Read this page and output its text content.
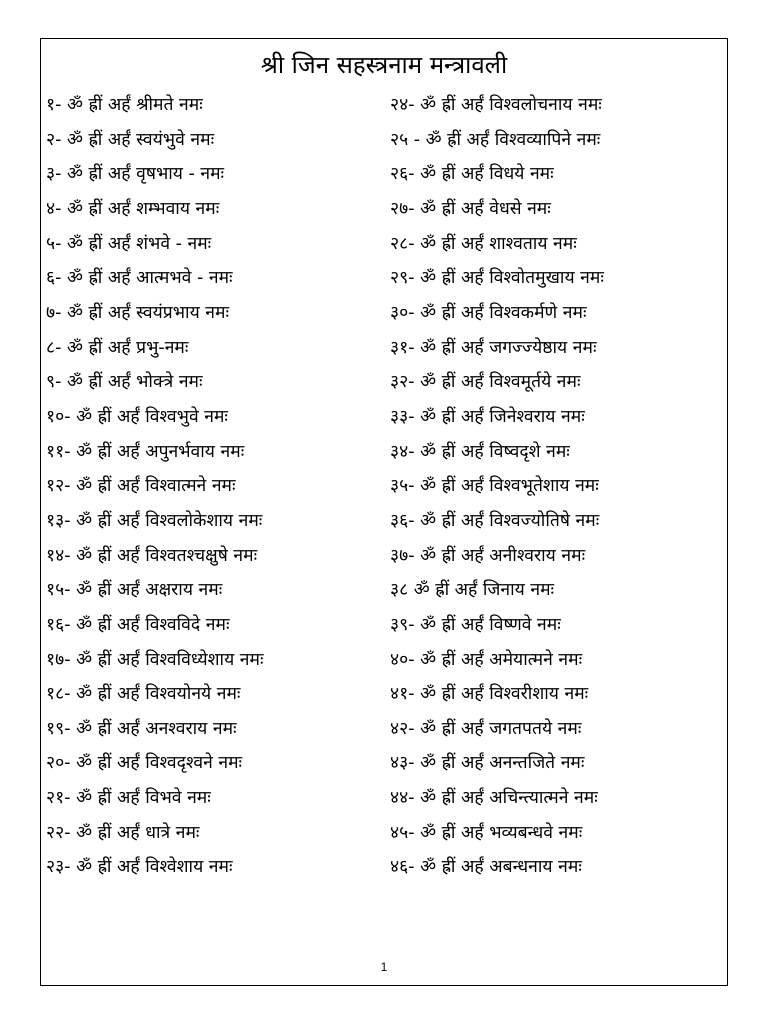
श्री जिन सहस्त्रनाम मन्त्रावली
१- ॐ ह्रीं अर्हं श्रीमते नमः
२- ॐ ह्रीं अर्हं स्वयंभुवे नमः
३- ॐ ह्रीं अर्हं वृषभाय - नमः
४- ॐ ह्रीं अर्हं शम्भवाय नमः
५- ॐ ह्रीं अर्हं शंभवे - नमः
६- ॐ ह्रीं अर्हं आत्मभवे - नमः
७- ॐ ह्रीं अर्हं स्वयंप्रभाय नमः
८- ॐ ह्रीं अर्हं प्रभु-नमः
९- ॐ ह्रीं अर्हं भोक्त्रे नमः
१०- ॐ ह्रीं अर्हं विश्वभुवे नमः
११- ॐ ह्रीं अर्हं अपुनर्भवाय नमः
१२- ॐ ह्रीं अर्हं विश्वात्मने नमः
१३- ॐ ह्रीं अर्हं विश्वलोकेशाय नमः
१४- ॐ ह्रीं अर्हं विश्वतश्चक्षुषे नमः
१५- ॐ ह्रीं अर्हं अक्षराय नमः
१६- ॐ ह्रीं अर्हं विश्वविदे नमः
१७- ॐ ह्रीं अर्हं विश्वविध्येशाय नमः
१८- ॐ ह्रीं अर्हं विश्वयोनये नमः
१९- ॐ ह्रीं अर्हं अनश्वराय नमः
२०- ॐ ह्रीं अर्हं विश्वदृश्वने नमः
२१- ॐ ह्रीं अर्हं विभवे नमः
२२- ॐ ह्रीं अर्हं धात्रे नमः
२३- ॐ ह्रीं अर्हं विश्वेशाय नमः
२४- ॐ ह्रीं अर्हं विश्वलोचनाय नमः
२५ - ॐ ह्रीं अर्हं विश्वव्यापिने नमः
२६- ॐ ह्रीं अर्हं विधये नमः
२७- ॐ ह्रीं अर्हं वेधसे नमः
२८- ॐ ह्रीं अर्हं शाश्वताय नमः
२९- ॐ ह्रीं अर्हं विश्वोतमुखाय नमः
३०- ॐ ह्रीं अर्हं विश्वकर्मणे नमः
३१- ॐ ह्रीं अर्हं जगज्ज्येष्ठाय नमः
३२- ॐ ह्रीं अर्हं विश्वमूर्तये नमः
३३- ॐ ह्रीं अर्हं जिनेश्वराय नमः
३४- ॐ ह्रीं अर्हं विष्वदृशे नमः
३५- ॐ ह्रीं अर्हं विश्वभूतेशाय नमः
३६- ॐ ह्रीं अर्हं विश्वज्योतिषे नमः
३७- ॐ ह्रीं अर्हं अनीश्वराय नमः
३८ ॐ ह्रीं अर्हं जिनाय नमः
३९- ॐ ह्रीं अर्हं विष्णवे नमः
४०- ॐ ह्रीं अर्हं अमेयात्मने नमः
४१- ॐ ह्रीं अर्हं विश्वरीशाय नमः
४२- ॐ ह्रीं अर्हं जगतपतये नमः
४३- ॐ ह्रीं अर्हं अनन्तजिते नमः
४४- ॐ ह्रीं अर्हं अचिन्त्यात्मने नमः
४५- ॐ ह्रीं अर्हं भव्यबन्धवे नमः
४६- ॐ ह्रीं अर्हं अबन्धनाय नमः
1
